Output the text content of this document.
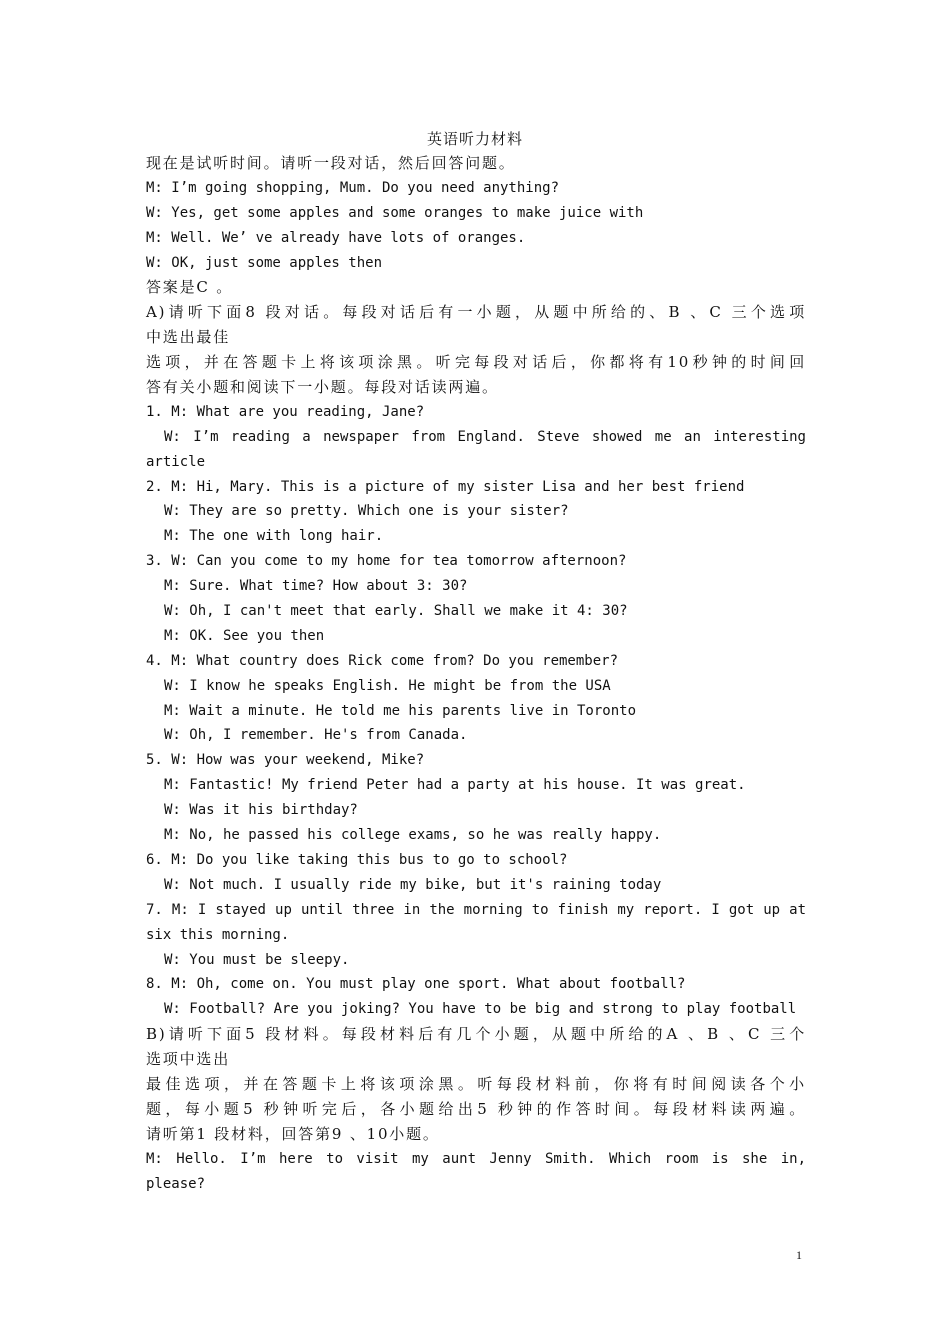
英语听力材料
现在是试听时间。请听一段对话，然后回答问题。
M: I’m going shopping, Mum. Do you need anything?
W: Yes, get some apples and some oranges to make juice with
M: Well. We’ ve already have lots of oranges.
W: OK, just some apples then
答案是C 。
A)请听下面8 段对话。每段对话后有一小题，从题中所给的、B 、C 三个选项
中选出最佳
选项，并在答题卡上将该项涂黑。听完每段对话后，你都将有10秒钟的时间回
答有关小题和阅读下一小题。每段对话读两遍。
1. M: What are you reading, Jane?
W: I’m reading a newspaper from England. Steve showed me an interesting
article
2. M: Hi, Mary. This is a picture of my sister Lisa and her best friend
W: They are so pretty. Which one is your sister?
M: The one with long hair.
3. W: Can you come to my home for tea tomorrow afternoon?
M: Sure. What time? How about 3: 30?
W: Oh, I can't meet that early. Shall we make it 4: 30?
M: OK. See you then
4. M: What country does Rick come from? Do you remember?
W: I know he speaks English. He might be from the USA
M: Wait a minute. He told me his parents live in Toronto
W: Oh, I remember. He's from Canada.
5. W: How was your weekend, Mike?
M: Fantastic! My friend Peter had a party at his house. It was great.
W: Was it his birthday?
M: No, he passed his college exams, so he was really happy.
6. M: Do you like taking this bus to go to school?
W: Not much. I usually ride my bike, but it's raining today
7. M: I stayed up until three in the morning to finish my report. I got up at
six this morning.
W: You must be sleepy.
8. M: Oh, come on. You must play one sport. What about football?
W: Football? Are you joking? You have to be big and strong to play football
B)请听下面5 段材料。每段材料后有几个小题，从题中所给的A 、B 、C 三个
选项中选出
最佳选项，并在答题卡上将该项涂黑。听每段材料前，你将有时间阅读各个小
题，每小题5 秒钟听完后，各小题给出5 秒钟的作答时间。每段材料读两遍。
请听第1 段材料，回答第9 、10小题。
M: Hello. I’m here to visit my aunt Jenny Smith. Which room is she in,
please?
1
